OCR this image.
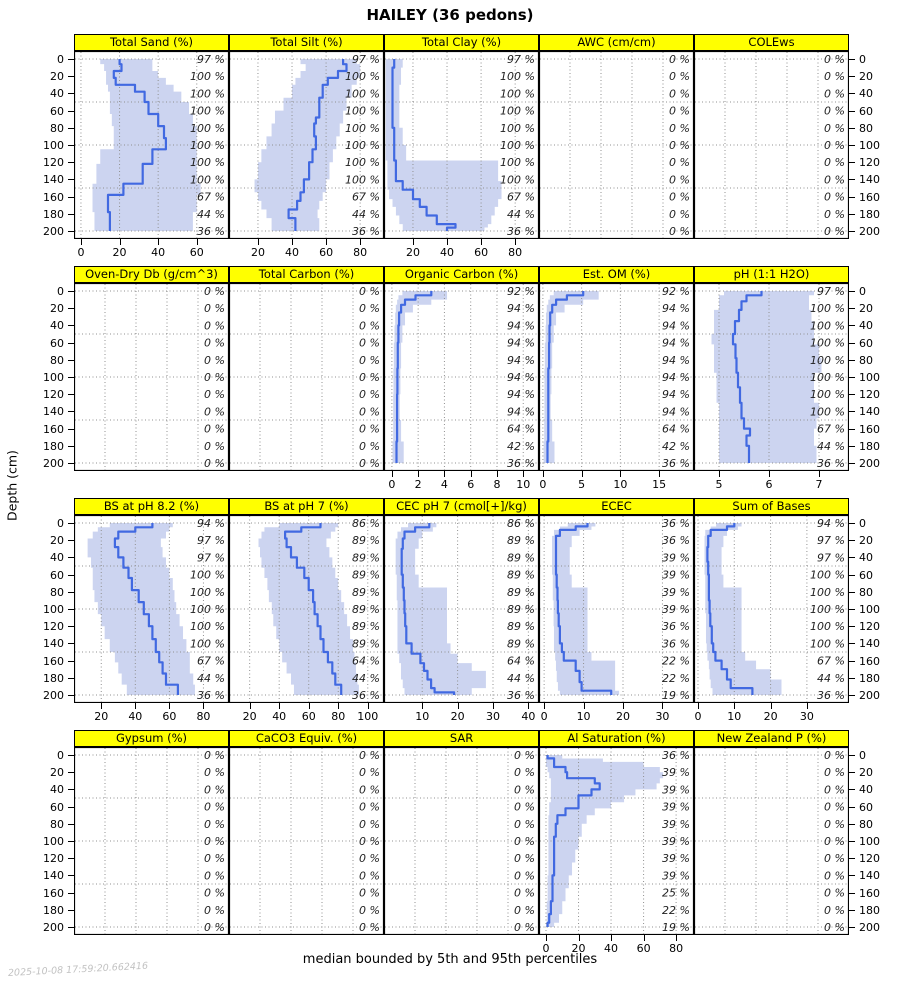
HAILEY (36 pedons)
Depth (cm)
Total Sand (%)
97 %
100 %
100 %
100 %
100 %
100 %
100 %
100 %
67 %
44 %
36 %
0	20	40	60
0
20
40
60
80
100
120
140
160
180
200
Total Silt (%)
97 %
100 %
100 %
100 %
100 %
100 %
100 %
100 %
67 %
44 %
36 %
20	40	60	80
Total Clay (%)
97 %
100 %
100 %
100 %
100 %
100 %
100 %
100 %
67 %
44 %
36 %
20	40	60	80
AWC (cm/cm)
0 %
0 %
0 %
0 %
0 %
0 %
0 %
0 %
0 %
0 %
0 %
COLEws
0 %
0 %
0 %
0 %
0 %
0 %
0 %
0 %
0 %
0 %
0 %
0
20
40
60
80
100
120
140
160
180
200
Oven-Dry Db (g/cm^3)
0 %
0 %
0 %
0 %
0 %
0 %
0 %
0 %
0 %
0 %
0 %
0
20
40
60
80
100
120
140
160
180
200
Total Carbon (%)
0 %
0 %
0 %
0 %
0 %
0 %
0 %
0 %
0 %
0 %
0 %
Organic Carbon (%)
92 %
94 %
94 %
94 %
94 %
94 %
94 %
94 %
64 %
42 %
36 %
0	2	4	6	8	10
Est. OM (%)
92 %
94 %
94 %
94 %
94 %
94 %
94 %
94 %
64 %
42 %
36 %
0	5	10	15
pH (1:1 H2O)
97 %
100 %
100 %
100 %
100 %
100 %
100 %
100 %
67 %
44 %
36 %
5	6	7
0
20
40
60
80
100
120
140
160
180
200
BS at pH 8.2 (%)
94 %
97 %
97 %
100 %
100 %
100 %
100 %
100 %
67 %
44 %
36 %
20	40	60	80
0
20
40
60
80
100
120
140
160
180
200
BS at pH 7 (%)
86 %
89 %
89 %
89 %
89 %
89 %
89 %
89 %
64 %
44 %
36 %
20	40	60	80	100
CEC pH 7 (cmol[+]/kg)
86 %
89 %
89 %
89 %
89 %
89 %
89 %
89 %
64 %
44 %
36 %
10	20	30	40
ECEC
36 %
36 %
39 %
39 %
39 %
39 %
36 %
36 %
22 %
22 %
19 %
0	10	20	30
Sum of Bases
94 %
97 %
97 %
100 %
100 %
100 %
100 %
100 %
67 %
44 %
36 %
0	10	20	30
0
20
40
60
80
100
120
140
160
180
200
Gypsum (%)
0 %
0 %
0 %
0 %
0 %
0 %
0 %
0 %
0 %
0 %
0 %
0
20
40
60
80
100
120
140
160
180
200
CaCO3 Equiv. (%)
0 %
0 %
0 %
0 %
0 %
0 %
0 %
0 %
0 %
0 %
0 %
SAR
0 %
0 %
0 %
0 %
0 %
0 %
0 %
0 %
0 %
0 %
0 %
Al Saturation (%)
36 %
39 %
39 %
39 %
39 %
39 %
39 %
39 %
25 %
22 %
19 %
0	20	40	60	80
New Zealand P (%)
0 %
0 %
0 %
0 %
0 %
0 %
0 %
0 %
0 %
0 %
0 %
0
20
40
60
80
100
120
140
160
180
200
median bounded by 5th and 95th percentiles
2025-10-08 17:59:20.662416
